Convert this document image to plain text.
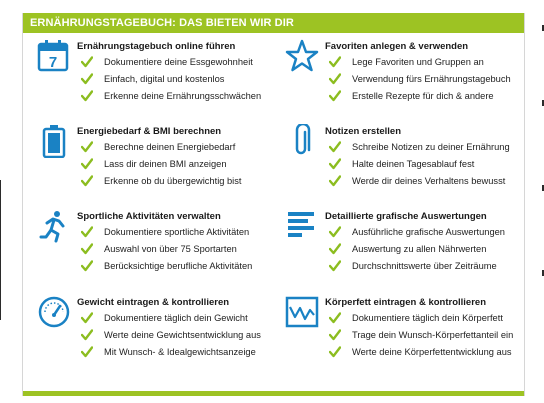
ERNÄHRUNGSTAGEBUCH: DAS BIETEN WIR DIR
7
Ernährungstagebuch online führen
Dokumentiere deine Essgewohnheit
Einfach, digital und kostenlos
Erkenne deine Ernährungsschwächen
Favoriten anlegen & verwenden
Lege Favoriten und Gruppen an
Verwendung fürs Ernährungstagebuch
Erstelle Rezepte für dich & andere
Energiebedarf & BMI berechnen
Berechne deinen Energiebedarf
Lass dir deinen BMI anzeigen
Erkenne ob du übergewichtig bist
Notizen erstellen
Schreibe Notizen zu deiner Ernährung
Halte deinen Tagesablauf fest
Werde dir deines Verhaltens bewusst
Sportliche Aktivitäten verwalten
Dokumentiere sportliche Aktivitäten
Auswahl von über 75 Sportarten
Berücksichtige berufliche Aktivitäten
Detaillierte grafische Auswertungen
Ausführliche grafische Auswertungen
Auswertung zu allen Nährwerten
Durchschnittswerte über Zeiträume
Gewicht eintragen & kontrollieren
Dokumentiere täglich dein Gewicht
Werte deine Gewichtsentwicklung aus
Mit Wunsch- & Idealgewichtsanzeige
Körperfett eintragen & kontrollieren
Dokumentiere täglich dein Körperfett
Trage dein Wunsch-Körperfettanteil ein
Werte deine Körperfettentwicklung aus
